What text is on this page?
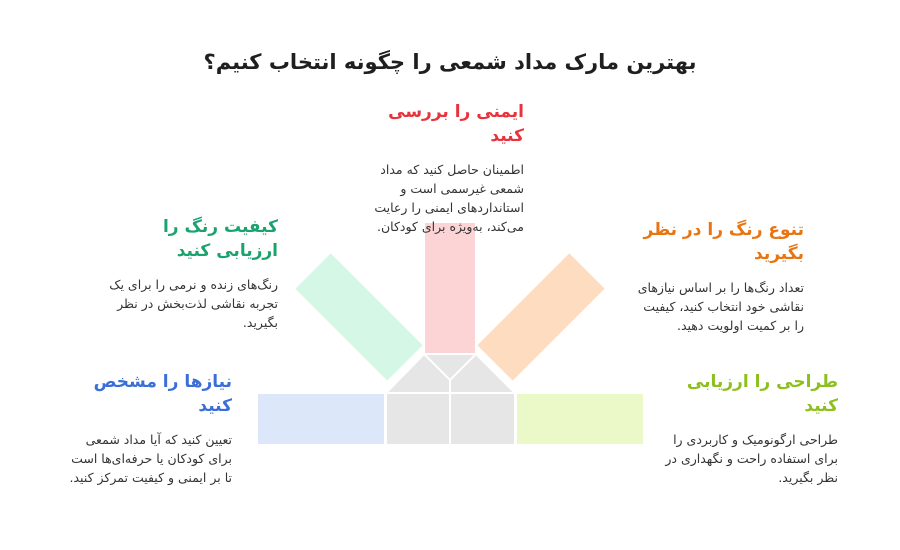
بهترین مارک مداد شمعی را چگونه انتخاب کنیم؟
نیازها را مشخص کنید
تعیین کنید که آیا مداد شمعی برای کودکان یا حرفه‌ای‌ها است تا بر ایمنی و کیفیت تمرکز کنید.
کیفیت رنگ را ارزیابی کنید
رنگ‌های زنده و نرمی را برای یک تجربه نقاشی لذت‌بخش در نظر بگیرید.
ایمنی را بررسی کنید
اطمینان حاصل کنید که مداد شمعی غیرسمی است و استانداردهای ایمنی را رعایت می‌کند، به‌ویژه برای کودکان.	تنوع رنگ را در نظر بگیرید
تعداد رنگ‌ها را بر اساس نیازهای نقاشی خود انتخاب کنید، کیفیت را بر کمیت اولویت دهید.
طراحی را ارزیابی کنید
طراحی ارگونومیک و کاربردی را برای استفاده راحت و نگهداری در نظر بگیرید.
